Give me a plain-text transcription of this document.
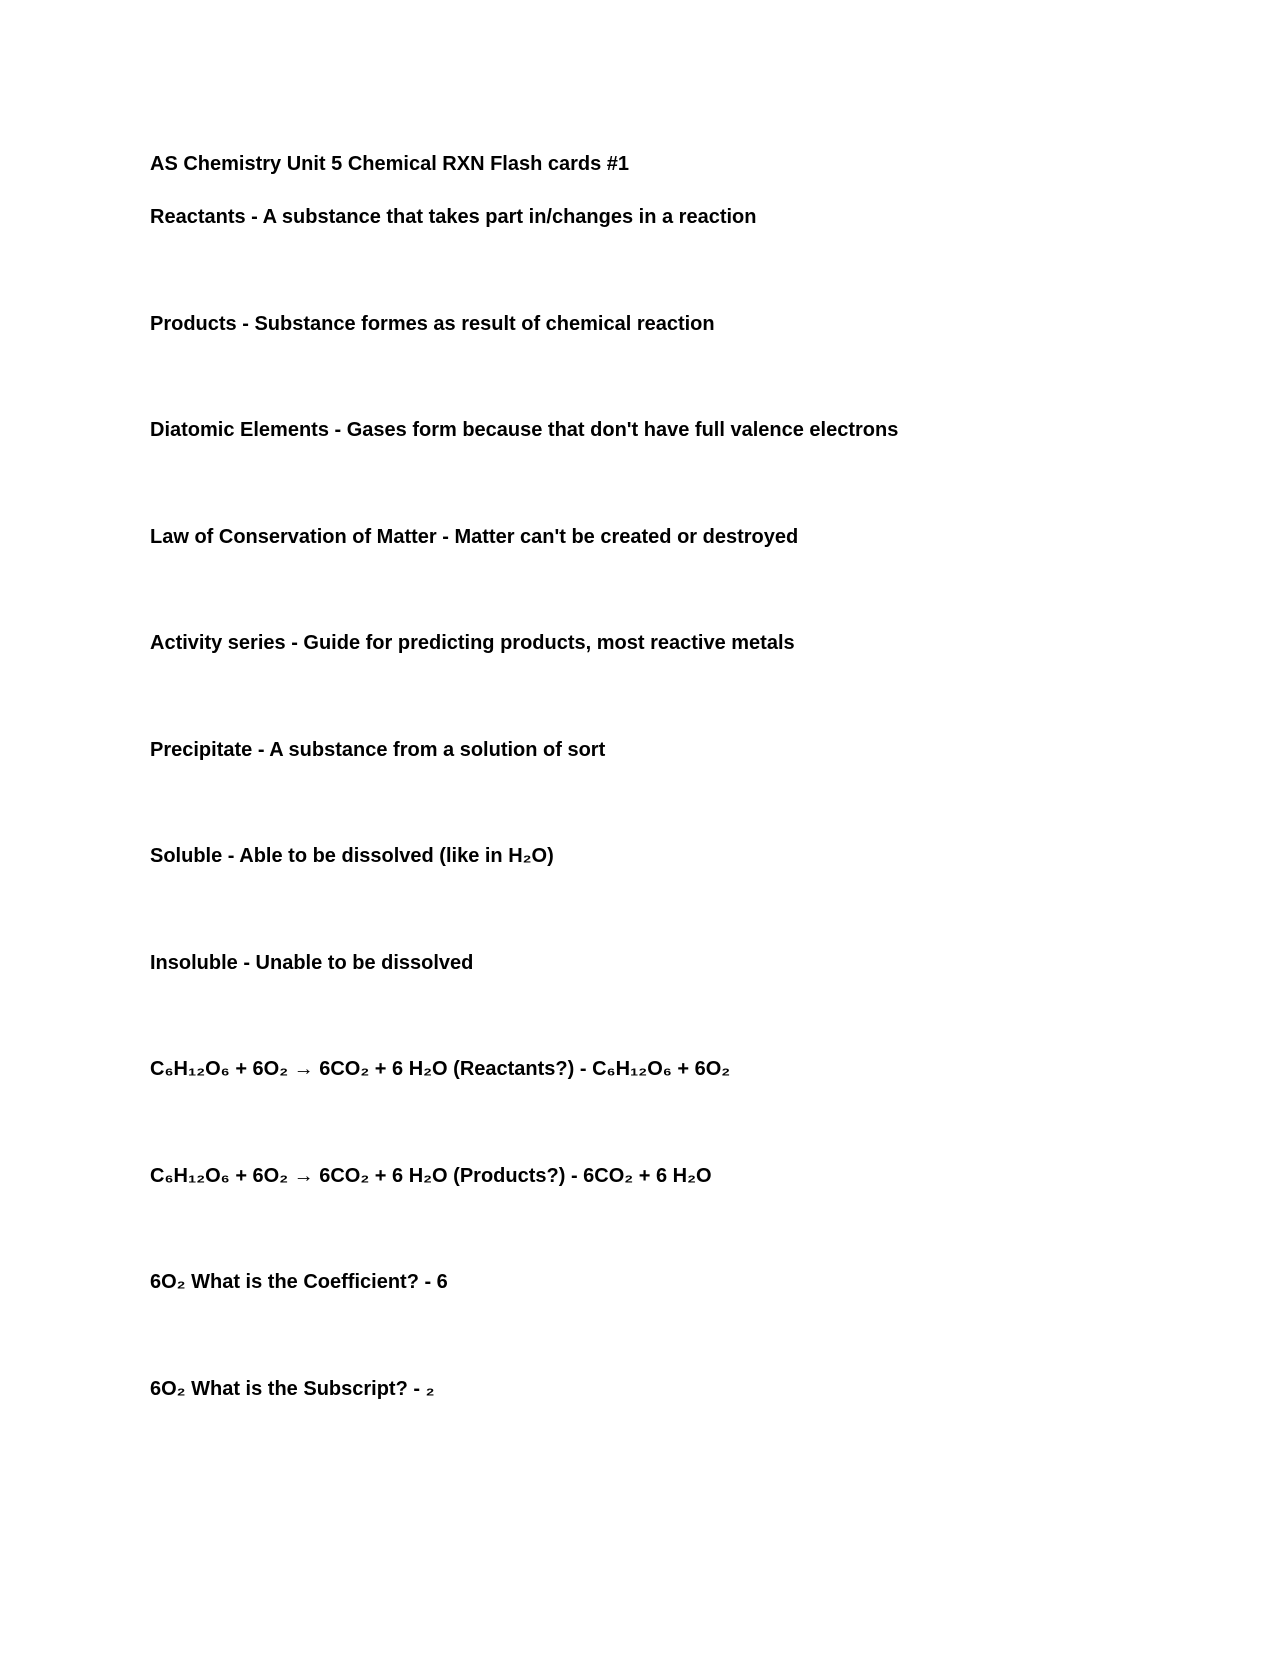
AS Chemistry Unit 5 Chemical RXN Flash cards #1
Reactants - A substance that takes part in/changes in a reaction
Products - Substance formes as result of chemical reaction
Diatomic Elements - Gases form because that don't have full valence electrons
Law of Conservation of Matter - Matter can't be created or destroyed
Activity series - Guide for predicting products, most reactive metals
Precipitate - A substance from a solution of sort
Soluble - Able to be dissolved (like in H₂O)
Insoluble - Unable to be dissolved
C₆H₁₂O₆ + 6O₂ → 6CO₂ + 6 H₂O (Reactants?) - C₆H₁₂O₆ + 6O₂
C₆H₁₂O₆ + 6O₂ → 6CO₂ + 6 H₂O (Products?) - 6CO₂ + 6 H₂O
6O₂ What is the Coefficient? - 6
6O₂ What is the Subscript? - ₂
